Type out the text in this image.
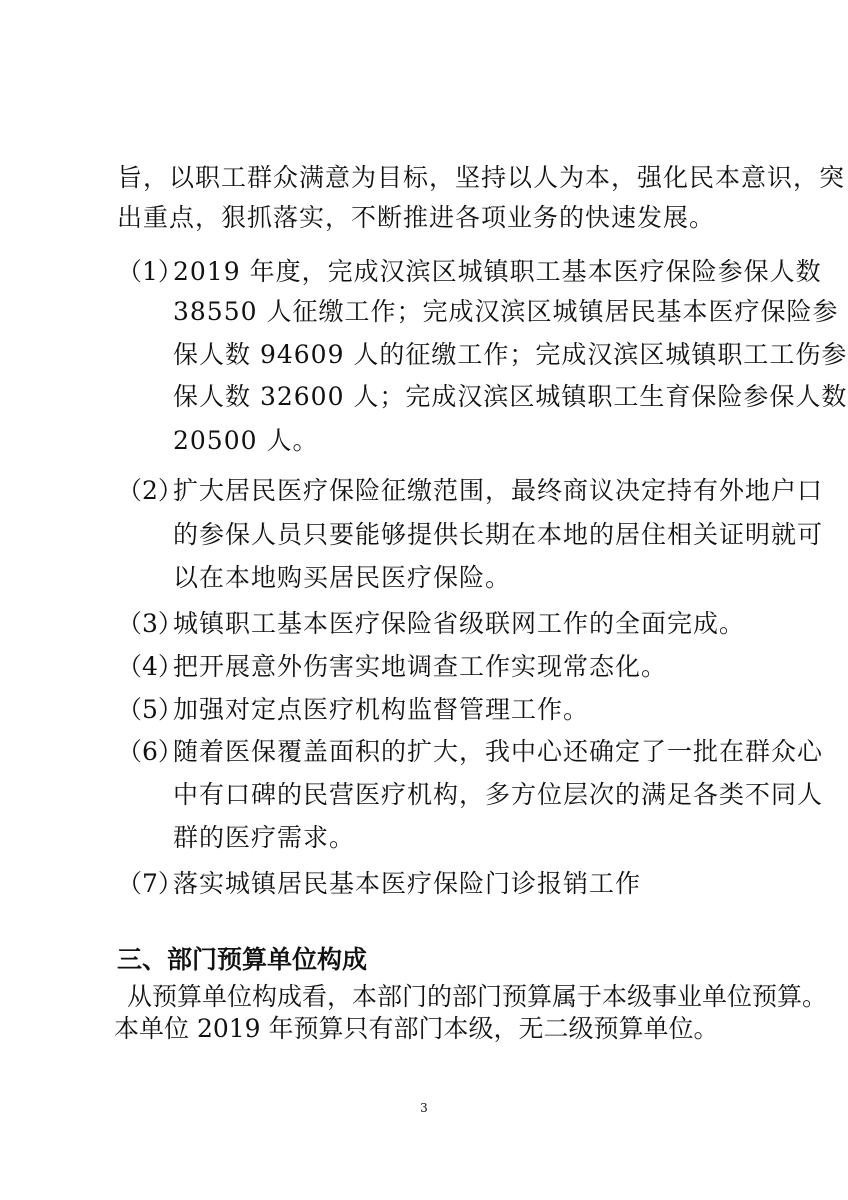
旨，以职工群众满意为目标，坚持以人为本，强化民本意识，突
出重点，狠抓落实，不断推进各项业务的快速发展。
（1）
2019 年度，完成汉滨区城镇职工基本医疗保险参保人数
38550 人征缴工作；完成汉滨区城镇居民基本医疗保险参
保人数 94609 人的征缴工作；完成汉滨区城镇职工工伤参
保人数 32600 人；完成汉滨区城镇职工生育保险参保人数
20500 人。
（2）
扩大居民医疗保险征缴范围，最终商议决定持有外地户口
的参保人员只要能够提供长期在本地的居住相关证明就可
以在本地购买居民医疗保险。
（3）
城镇职工基本医疗保险省级联网工作的全面完成。
（4）
把开展意外伤害实地调查工作实现常态化。
（5）
加强对定点医疗机构监督管理工作。
（6）
随着医保覆盖面积的扩大，我中心还确定了一批在群众心
中有口碑的民营医疗机构，多方位层次的满足各类不同人
群的医疗需求。
（7）
落实城镇居民基本医疗保险门诊报销工作
三、部门预算单位构成
从预算单位构成看，本部门的部门预算属于本级事业单位预算。
本单位 2019 年预算只有部门本级，无二级预算单位。
3
